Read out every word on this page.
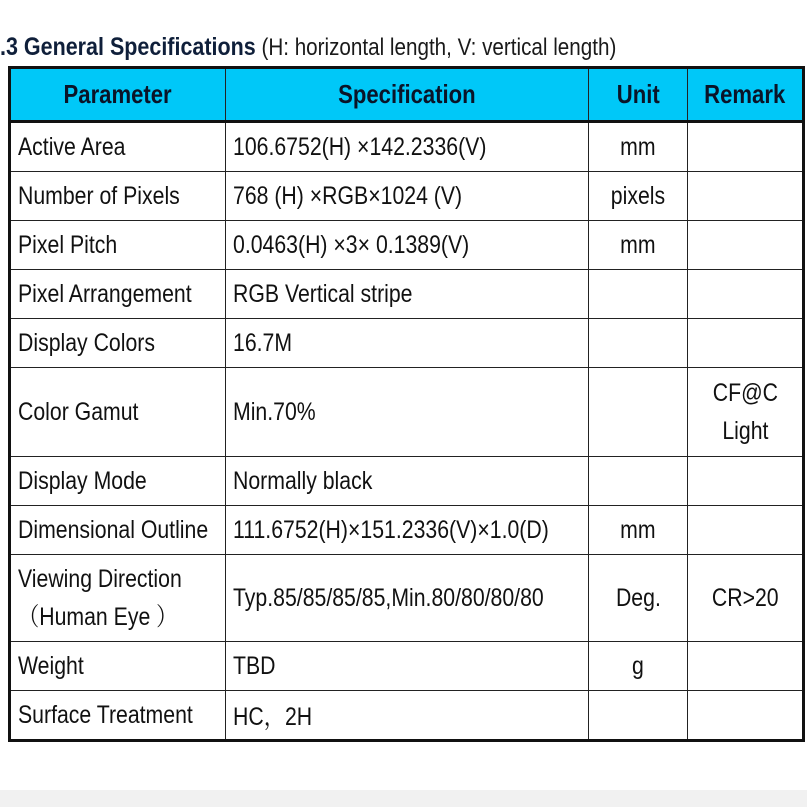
.3 General Specifications (H: horizontal length, V: vertical length)
Parameter	Specification	Unit	Remark
Active Area	106.6752(H) ×142.2336(V)	mm	
Number of Pixels	768 (H) ×RGB×1024 (V)	pixels	
Pixel Pitch	0.0463(H) ×3× 0.1389(V)	mm	
Pixel Arrangement	RGB Vertical stripe		
Display Colors	16.7M		
Color Gamut	Min.70%		CF@C
Light
Display Mode	Normally black		
Dimensional Outline	111.6752(H)×151.2336(V)×1.0(D)	mm	
Viewing Direction
（Human Eye ）	Typ.85/85/85/85,Min.80/80/80/80	Deg.	CR>20
Weight	TBD	g	
Surface Treatment	HC，2H		
